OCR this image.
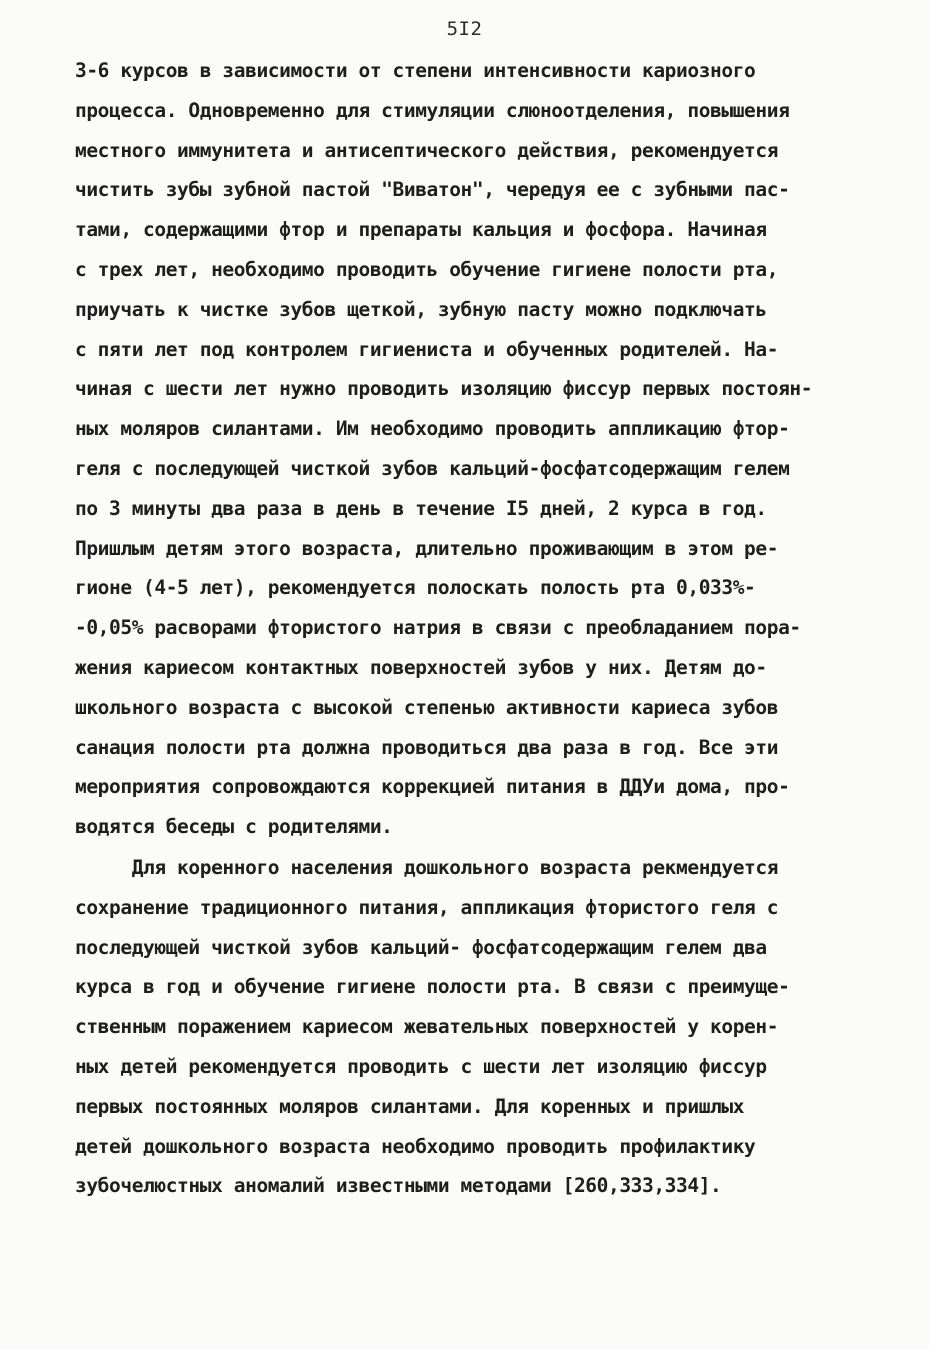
5I2
3-6 курсов в зависимости от степени интенсивности кариозного
процесса. Одновременно для стимуляции слюноотделения, повышения
местного иммунитета и антисептического действия, рекомендуется
чистить зубы зубной пастой "Виватон", чередуя ее с зубными пас-
тами, содержащими фтор и препараты кальция и фосфора. Начиная
с трех лет, необходимо проводить обучение гигиене полости рта,
приучать к чистке зубов щеткой, зубную пасту можно подключать
с пяти лет под контролем гигиениста и обученных родителей. На-
чиная с шести лет нужно проводить изоляцию фиссур первых постоян-
ных моляров силантами. Им необходимо проводить аппликацию фтор-
геля с последующей чисткой зубов кальций-фосфатсодержащим гелем
по 3 минуты два раза в день в течение I5 дней, 2 курса в год.
Пришлым детям этого возраста, длительно проживающим в этом ре-
гионе (4-5 лет), рекомендуется полоскать полость рта 0,033%-
-0,05% расворами фтористого натрия в связи с преобладанием пора-
жения кариесом контактных поверхностей зубов у них. Детям до-
школьного возраста с высокой степенью активности кариеса зубов
санация полости рта должна проводиться два раза в год. Все эти
мероприятия сопровождаются коррекцией питания в ДДУи дома, про-
водятся беседы с родителями.
Для коренного населения дошкольного возраста рекмендуется
сохранение традиционного питания, аппликация фтористого геля с
последующей чисткой зубов кальций- фосфатсодержащим гелем два
курса в год и обучение гигиене полости рта. В связи с преимуще-
ственным поражением кариесом жевательных поверхностей у корен-
ных детей рекомендуется проводить с шести лет изоляцию фиссур
первых постоянных моляров силантами. Для коренных и пришлых
детей дошкольного возраста необходимо проводить профилактику
зубочелюстных аномалий известными методами [260,333,334].
